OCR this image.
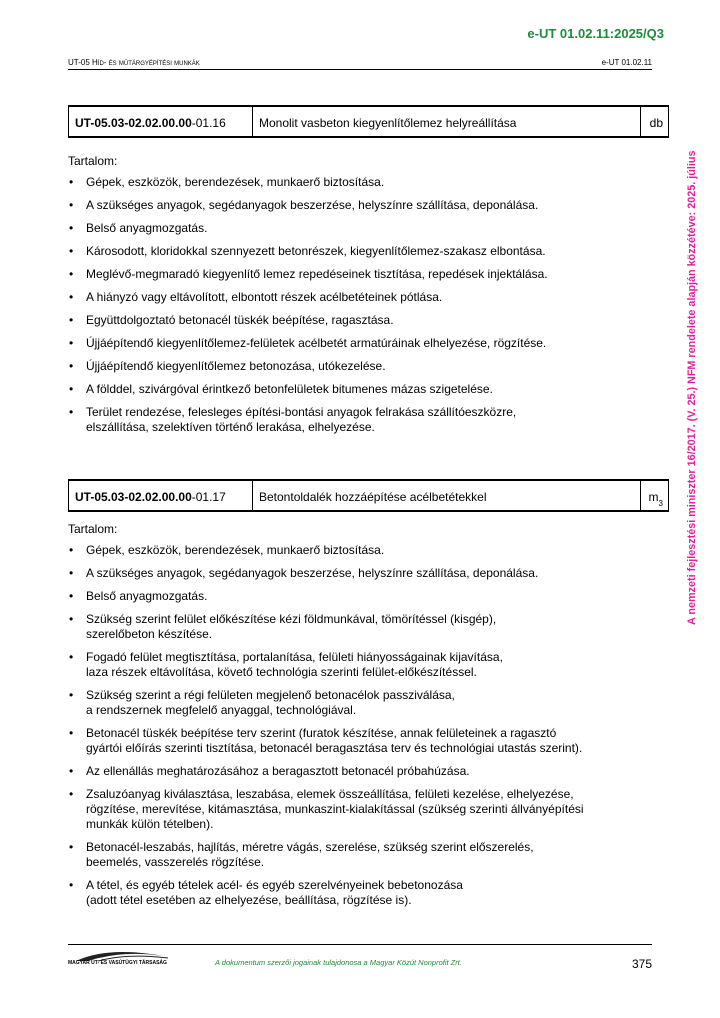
e-UT 01.02.11:2025/Q3
UT-05 Híd- és műtárgyépítési munkák	e-UT 01.02.11
A nemzeti fejlesztési miniszter 16/2017. (V. 25.) NFM rendelete alapján közzétéve: 2025. július
UT-05.03-02.02.00.00 -01.16	Monolit vasbeton kiegyenlítőlemez helyreállítása	db
Tartalom:
• Gépek, eszközök, berendezések, munkaerő biztosítása.
• A szükséges anyagok, segédanyagok beszerzése, helyszínre szállítása, deponálása.
• Belső anyagmozgatás.
• Károsodott, kloridokkal szennyezett betonrészek, kiegyenlítőlemez-szakasz elbontása.
• Meglévő-megmaradó kiegyenlítő lemez repedéseinek tisztítása, repedések injektálása.
• A hiányzó vagy eltávolított, elbontott részek acélbetéteinek pótlása.
• Együttdolgoztató betonacél tüskék beépítése, ragasztása.
• Újjáépítendő kiegyenlítőlemez-felületek acélbetét armatúráinak elhelyezése, rögzítése.
• Újjáépítendő kiegyenlítőlemez betonozása, utókezelése.
• A földdel, szivárgóval érintkező betonfelületek bitumenes mázas szigetelése.
• Terület rendezése, felesleges építési-bontási anyagok felrakása szállítóeszközre,
elszállítása, szelektíven történő lerakása, elhelyezése.
UT-05.03-02.02.00.00 -01.17	Betontoldalék hozzáépítése acélbetétekkel	m 3
Tartalom:
• Gépek, eszközök, berendezések, munkaerő biztosítása.
• A szükséges anyagok, segédanyagok beszerzése, helyszínre szállítása, deponálása.
• Belső anyagmozgatás.
• Szükség szerint felület előkészítése kézi földmunkával, tömörítéssel (kisgép),
szerelőbeton készítése.
• Fogadó felület megtisztítása, portalanítása, felületi hiányosságainak kijavítása,
laza részek eltávolítása, követő technológia szerinti felület-előkészítéssel.
• Szükség szerint a régi felületen megjelenő betonacélok passziválása,
a rendszernek megfelelő anyaggal, technológiával.
• Betonacél tüskék beépítése terv szerint (furatok készítése, annak felületeinek a ragasztó
gyártói előírás szerinti tisztítása, betonacél beragasztása terv és technológiai utastás szerint).
• Az ellenállás meghatározásához a beragasztott betonacél próbahúzása.
• Zsaluzóanyag kiválasztása, leszabása, elemek összeállítása, felületi kezelése, elhelyezése,
rögzítése, merevítése, kitámasztása, munkaszint-kialakítással (szükség szerinti állványépítési
munkák külön tételben).
• Betonacél-leszabás, hajlítás, méretre vágás, szerelése, szükség szerint előszerelés,
beemelés, vasszerelés rögzítése.
• A tétel, és egyéb tételek acél- és egyéb szerelvényeinek bebetonozása
(adott tétel esetében az elhelyezése, beállítása, rögzítése is).
MAGYAR ÚT- ÉS VASÚTÜGYI TÁRSASÁG	A dokumentum szerzői jogainak tulajdonosa a Magyar Közút Nonprofit Zrt.	375
